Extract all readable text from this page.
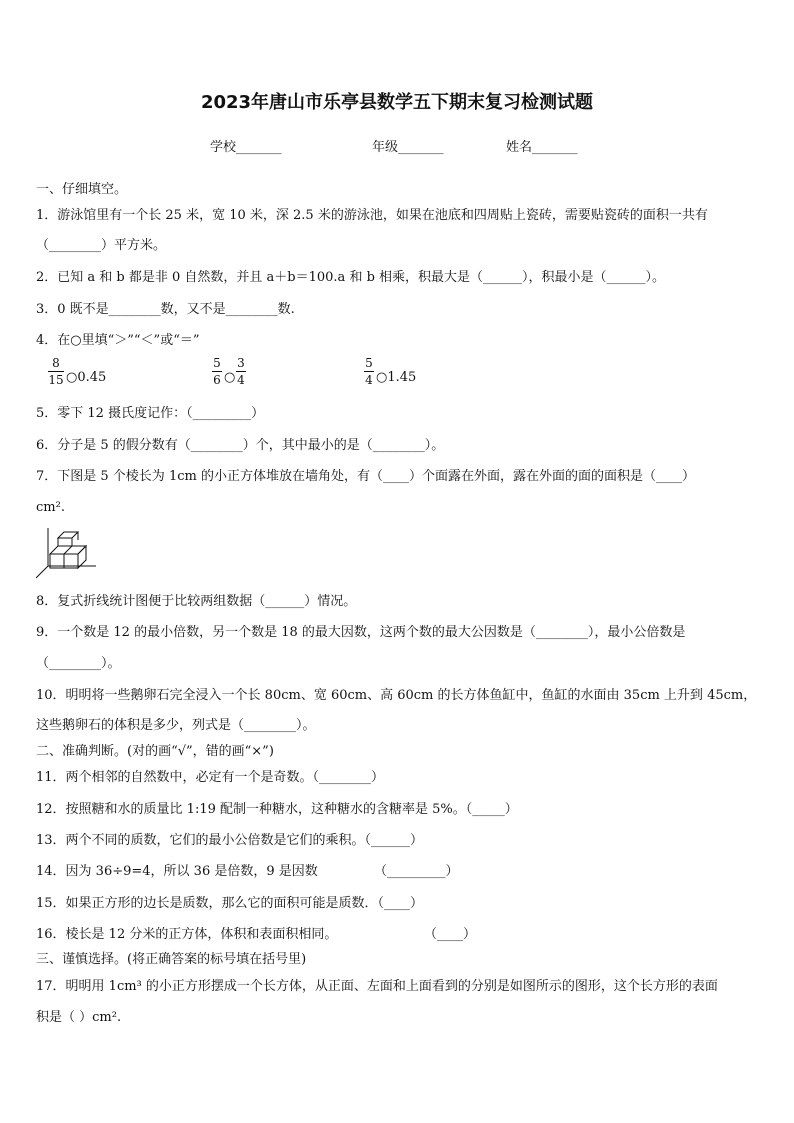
2023年唐山市乐亭县数学五下期末复习检测试题
学校_______	年级_______	姓名_______
一、仔细填空。
1．游泳馆里有一个长 25 米，宽 10 米，深 2.5 米的游泳池，如果在池底和四周贴上瓷砖，需要贴瓷砖的面积一共有
（________）平方米。
2．已知 a 和 b 都是非 0 自然数，并且 a＋b＝100.a 和 b 相乘，积最大是（______），积最小是（______）。
3．0 既不是________数，又不是________数.
4．在○里填“＞”“＜”或“＝”
8
15 ○0.45
5
6 ○
3
4
5
4 ○1.45
5．零下 12 摄氏度记作：（_________）
6．分子是 5 的假分数有（________）个，其中最小的是（________）。
7．下图是 5 个棱长为 1cm 的小正方体堆放在墙角处，有（____）个面露在外面，露在外面的面的面积是（____）
cm².
8．复式折线统计图便于比较两组数据（______）情况。
9．一个数是 12 的最小倍数，另一个数是 18 的最大因数，这两个数的最大公因数是（________），最小公倍数是
（________）。
10．明明将一些鹅卵石完全浸入一个长 80cm、宽 60cm、高 60cm 的长方体鱼缸中，鱼缸的水面由 35cm 上升到 45cm，
这些鹅卵石的体积是多少，列式是（________）。
二、准确判断。(对的画“√”，错的画“×”)
11．两个相邻的自然数中，必定有一个是奇数。（________）
12．按照糖和水的质量比 1:19 配制一种糖水，这种糖水的含糖率是 5%。（_____）
13．两个不同的质数，它们的最小公倍数是它们的乘积。（______）
14．因为 36÷9=4，所以 36 是倍数，9 是因数	（_________）
15．如果正方形的边长是质数，那么它的面积可能是质数．（____）
16．棱长是 12 分米的正方体，体积和表面积相同。	（____）
三、谨慎选择。(将正确答案的标号填在括号里)
17．明明用 1cm³ 的小正方形摆成一个长方体，从正面、左面和上面看到的分别是如图所示的图形，这个长方形的表面
积是（ ）cm².
